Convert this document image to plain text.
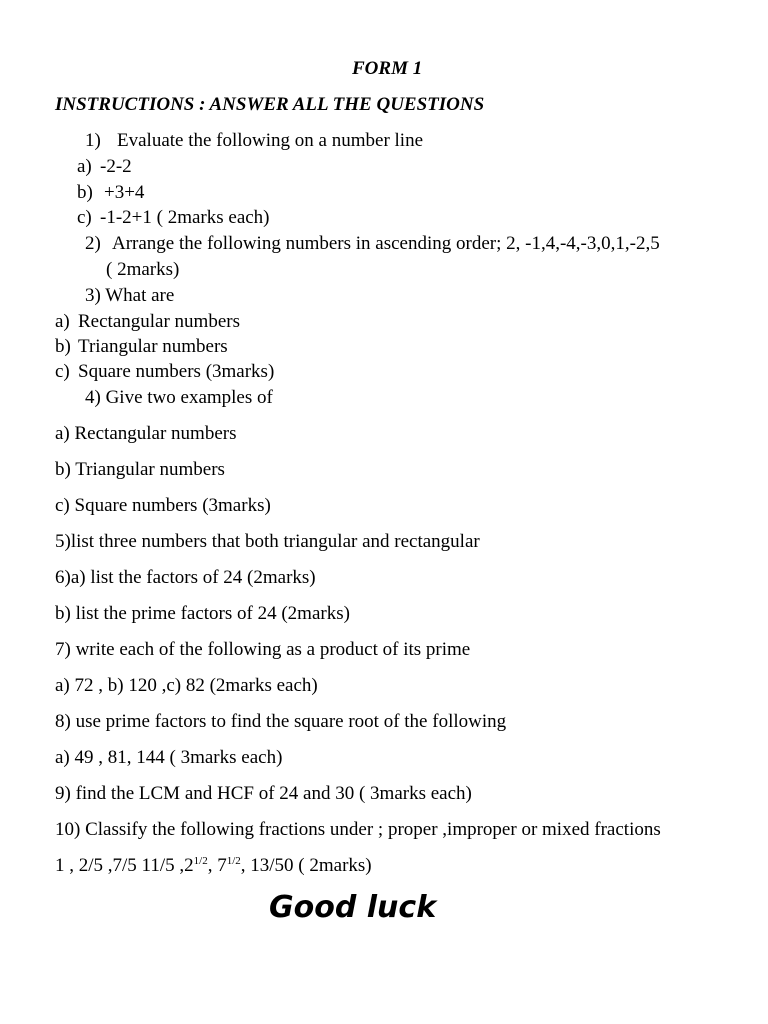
FORM 1
INSTRUCTIONS : ANSWER ALL THE QUESTIONS
1) Evaluate the following on a number line
a) -2-2
b) +3+4
c) -1-2+1 ( 2marks each)
2) Arrange the following numbers in ascending order; 2, -1,4,-4,-3,0,1,-2,5
( 2marks)
3) What are
a) Rectangular numbers
b) Triangular numbers
c) Square numbers (3marks)
4) Give two examples of
a) Rectangular numbers
b) Triangular numbers
c) Square numbers (3marks)
5)list three numbers that both triangular and rectangular
6)a) list the factors of 24 (2marks)
b) list the prime factors of 24 (2marks)
7) write each of the following as a product of its prime
a) 72 , b) 120 ,c) 82 (2marks each)
8) use prime factors to find the square root of the following
a) 49 , 81, 144 ( 3marks each)
9) find the LCM and HCF of 24 and 30 ( 3marks each)
10) Classify the following fractions under ; proper ,improper or mixed fractions
1 , 2/5 ,7/5 11/5 $,2^{1/2}$, $7^{1/2}$, 13/50 ( 2marks)
Good luck
